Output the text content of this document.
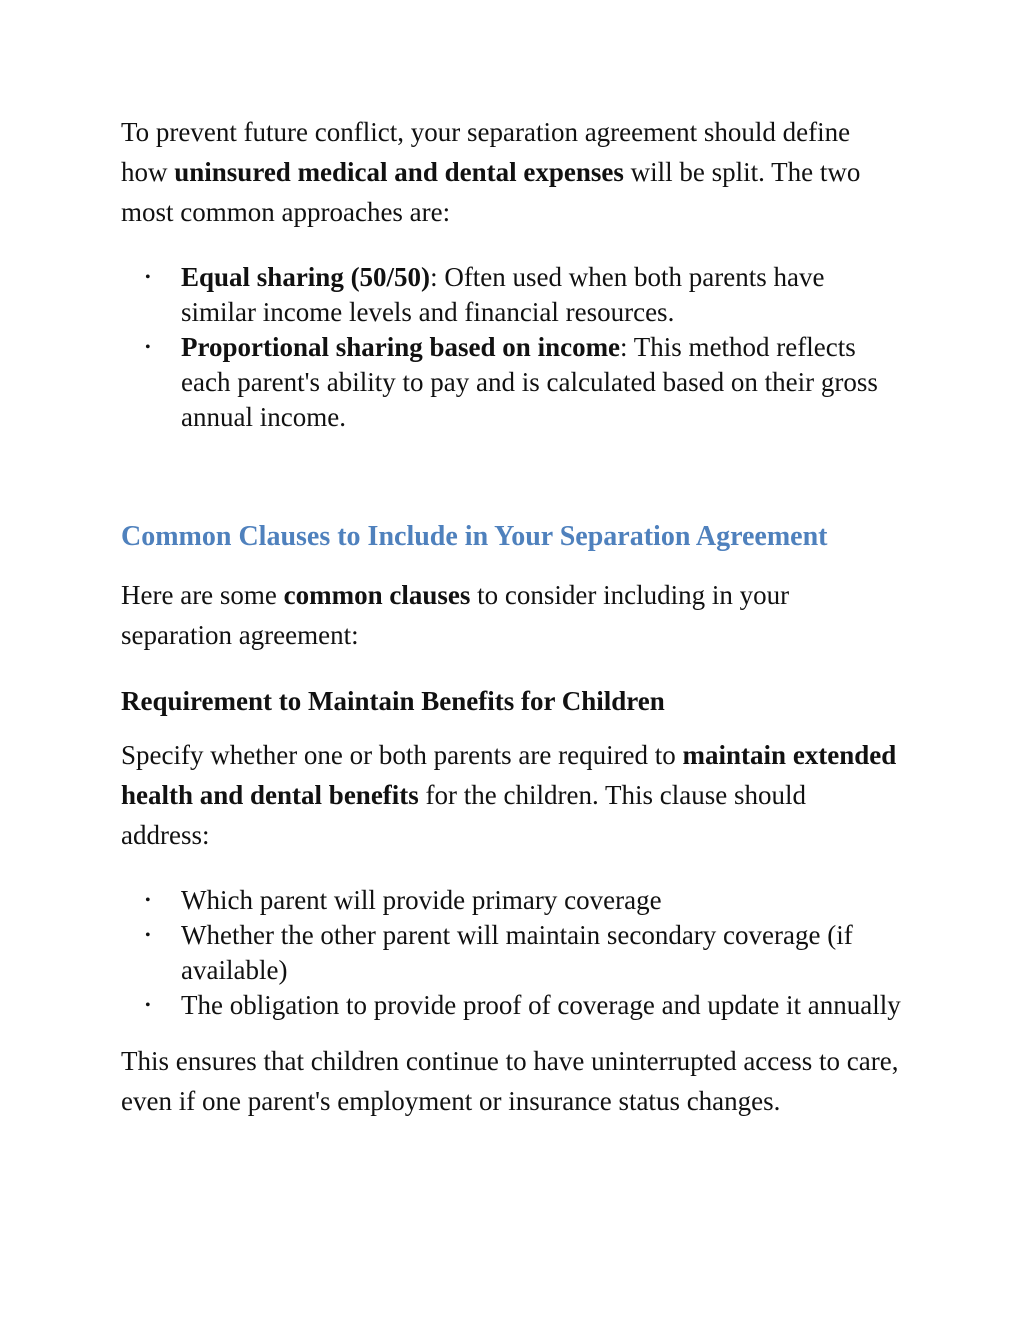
To prevent future conflict, your separation agreement should define how uninsured medical and dental expenses will be split. The two most common approaches are:

• Equal sharing (50/50): Often used when both parents have similar income levels and financial resources.
• Proportional sharing based on income: This method reflects each parent's ability to pay and is calculated based on their gross annual income.
Common Clauses to Include in Your Separation Agreement

Here are some common clauses to consider including in your separation agreement:

Requirement to Maintain Benefits for Children

Specify whether one or both parents are required to maintain extended health and dental benefits for the children. This clause should address:

• Which parent will provide primary coverage
• Whether the other parent will maintain secondary coverage (if available)
• The obligation to provide proof of coverage and update it annually

This ensures that children continue to have uninterrupted access to care, even if one parent's employment or insurance status changes.
